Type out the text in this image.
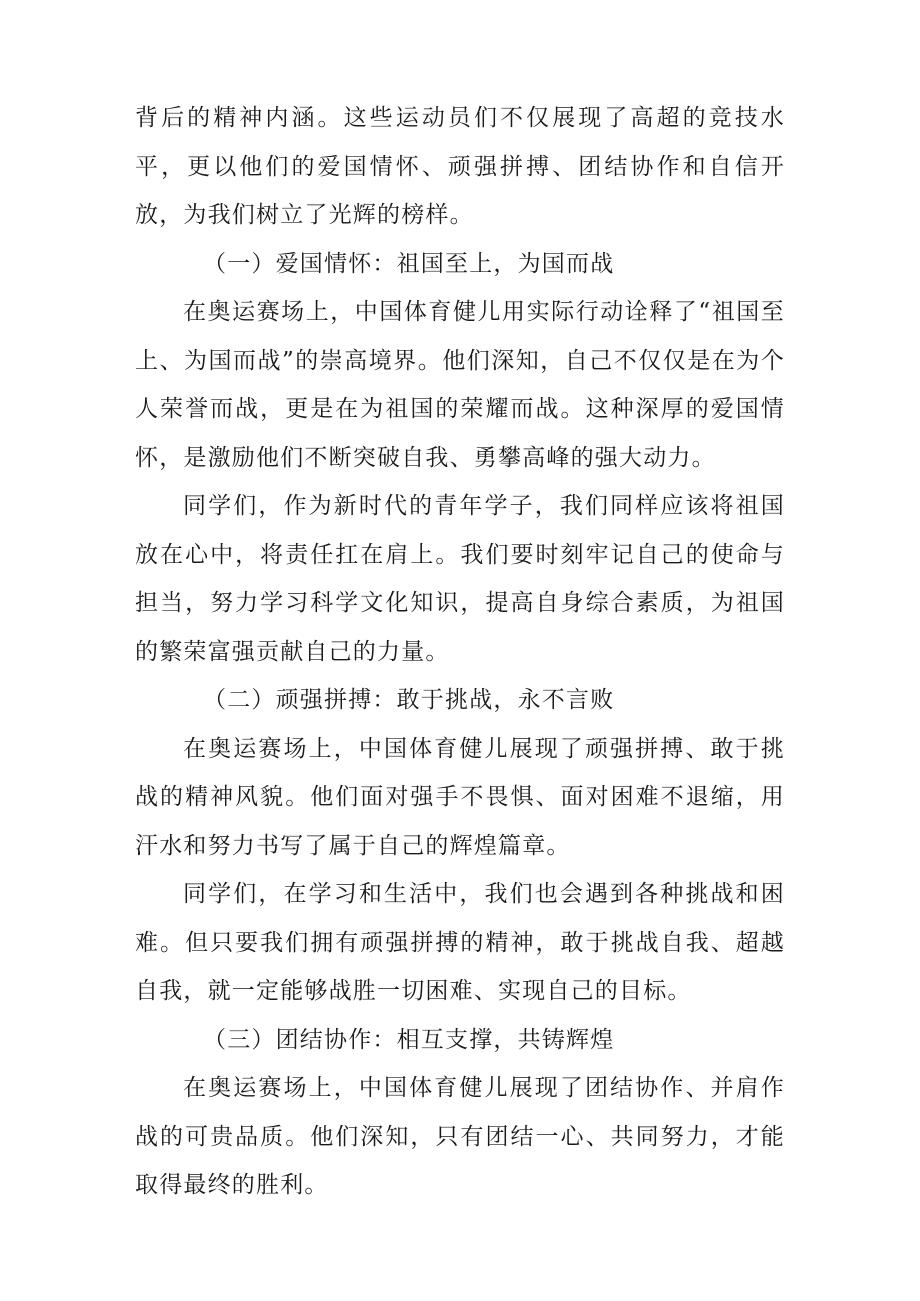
背后的精神内涵。这些运动员们不仅展现了高超的竞技水平，更以他们的爱国情怀、顽强拼搏、团结协作和自信开放，为我们树立了光辉的榜样。

（一）爱国情怀：祖国至上，为国而战

在奥运赛场上，中国体育健儿用实际行动诠释了“祖国至上、为国而战”的崇高境界。他们深知，自己不仅仅是在为个人荣誉而战，更是在为祖国的荣耀而战。这种深厚的爱国情怀，是激励他们不断突破自我、勇攀高峰的强大动力。

同学们，作为新时代的青年学子，我们同样应该将祖国放在心中，将责任扛在肩上。我们要时刻牢记自己的使命与担当，努力学习科学文化知识，提高自身综合素质，为祖国的繁荣富强贡献自己的力量。

（二）顽强拼搏：敢于挑战，永不言败

在奥运赛场上，中国体育健儿展现了顽强拼搏、敢于挑战的精神风貌。他们面对强手不畏惧、面对困难不退缩，用汗水和努力书写了属于自己的辉煌篇章。

同学们，在学习和生活中，我们也会遇到各种挑战和困难。但只要我们拥有顽强拼搏的精神，敢于挑战自我、超越自我，就一定能够战胜一切困难、实现自己的目标。

（三）团结协作：相互支撑，共铸辉煌

在奥运赛场上，中国体育健儿展现了团结协作、并肩作战的可贵品质。他们深知，只有团结一心、共同努力，才能取得最终的胜利。
